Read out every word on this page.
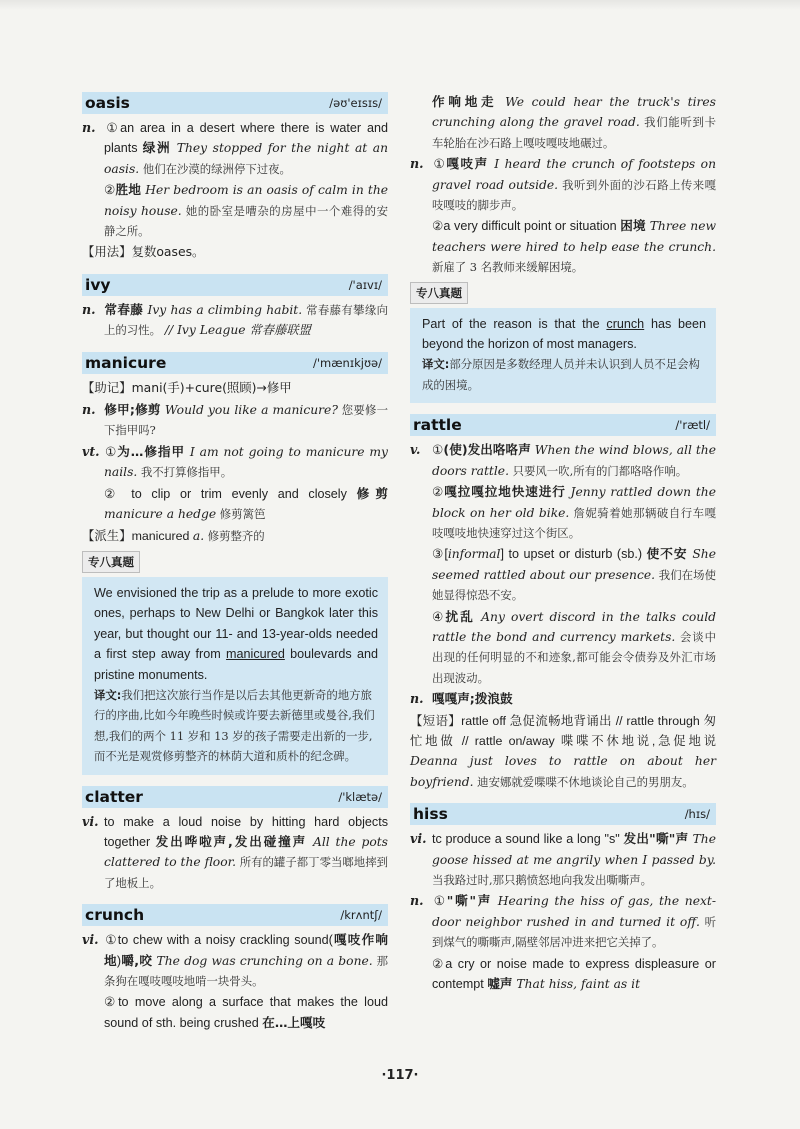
oasis	/əʊ'eɪsɪs/

n. ①an area in a desert where there is water and plants 绿洲 They stopped for the night at an oasis. 他们在沙漠的绿洲停下过夜。

②胜地 Her bedroom is an oasis of calm in the noisy house. 她的卧室是嘈杂的房屋中一个难得的安静之所。

【用法】复数oases。

ivy	/'aɪvɪ/

n. 常春藤 Ivy has a climbing habit. 常春藤有攀缘向上的习性。 // Ivy League 常春藤联盟

manicure	/'mænɪkjʊə/

【助记】mani(手)+cure(照顾)→修甲

n. 修甲;修剪 Would you like a manicure? 您要修一下指甲吗?

vt. ①为…修指甲 I am not going to manicure my nails. 我不打算修指甲。

② to clip or trim evenly and closely 修剪 manicure a hedge 修剪篱笆

【派生】manicured a. 修剪整齐的

专八真题

We envisioned the trip as a prelude to more exotic ones, perhaps to New Delhi or Bangkok later this year, but thought our 11- and 13-year-olds needed a first step away from manicured boulevards and pristine monuments.

译文:我们把这次旅行当作是以后去其他更新奇的地方旅行的序曲,比如今年晚些时候或许要去新德里或曼谷,我们想,我们的两个 11 岁和 13 岁的孩子需要走出新的一步,而不光是观赏修剪整齐的林荫大道和质朴的纪念碑。

clatter	/'klætə/

vi. to make a loud noise by hitting hard objects together 发出哗啦声,发出碰撞声 All the pots clattered to the floor. 所有的罐子都丁零当啷地摔到了地板上。

crunch	/krʌntʃ/

vi. ①to chew with a noisy crackling sound(嘎吱作响地)嚼,咬 The dog was crunching on a bone. 那条狗在嘎吱嘎吱地啃一块骨头。

②to move along a surface that makes the loud sound of sth. being crushed 在…上嘎吱

作响地走 We could hear the truck's tires crunching along the gravel road. 我们能听到卡车轮胎在沙石路上嘎吱嘎吱地碾过。

n. ①嘎吱声 I heard the crunch of footsteps on gravel road outside. 我听到外面的沙石路上传来嘎吱嘎吱的脚步声。

②a very difficult point or situation 困境 Three new teachers were hired to help ease the crunch. 新雇了 3 名教师来缓解困境。

专八真题

Part of the reason is that the crunch has been beyond the horizon of most managers.

译文:部分原因是多数经理人员并未认识到人员不足会构成的困境。

rattle	/'rætl/

v. ①(使)发出咯咯声 When the wind blows, all the doors rattle. 只要风一吹,所有的门都咯咯作响。

②嘎拉嘎拉地快速进行 Jenny rattled down the block on her old bike. 詹妮骑着她那辆破自行车嘎吱嘎吱地快速穿过这个街区。

③[informal] to upset or disturb (sb.) 使不安 She seemed rattled about our presence. 我们在场使她显得惊恐不安。

④扰乱 Any overt discord in the talks could rattle the bond and currency markets. 会谈中出现的任何明显的不和迹象,都可能会令债券及外汇市场出现波动。

n. 嘎嘎声;拨浪鼓

【短语】rattle off 急促流畅地背诵出 // rattle through 匆忙地做 // rattle on/away 喋喋不休地说,急促地说 Deanna just loves to rattle on about her boyfriend. 迪安娜就爱喋喋不休地谈论自己的男朋友。

hiss	/hɪs/

vi. tc produce a sound like a long "s" 发出"嘶"声 The goose hissed at me angrily when I passed by. 当我路过时,那只鹅愤怒地向我发出嘶嘶声。

n. ①"嘶"声 Hearing the hiss of gas, the next-door neighbor rushed in and turned it off. 听到煤气的嘶嘶声,隔壁邻居冲进来把它关掉了。

②a cry or noise made to express displeasure or contempt 嘘声 That hiss, faint as it

·117·
